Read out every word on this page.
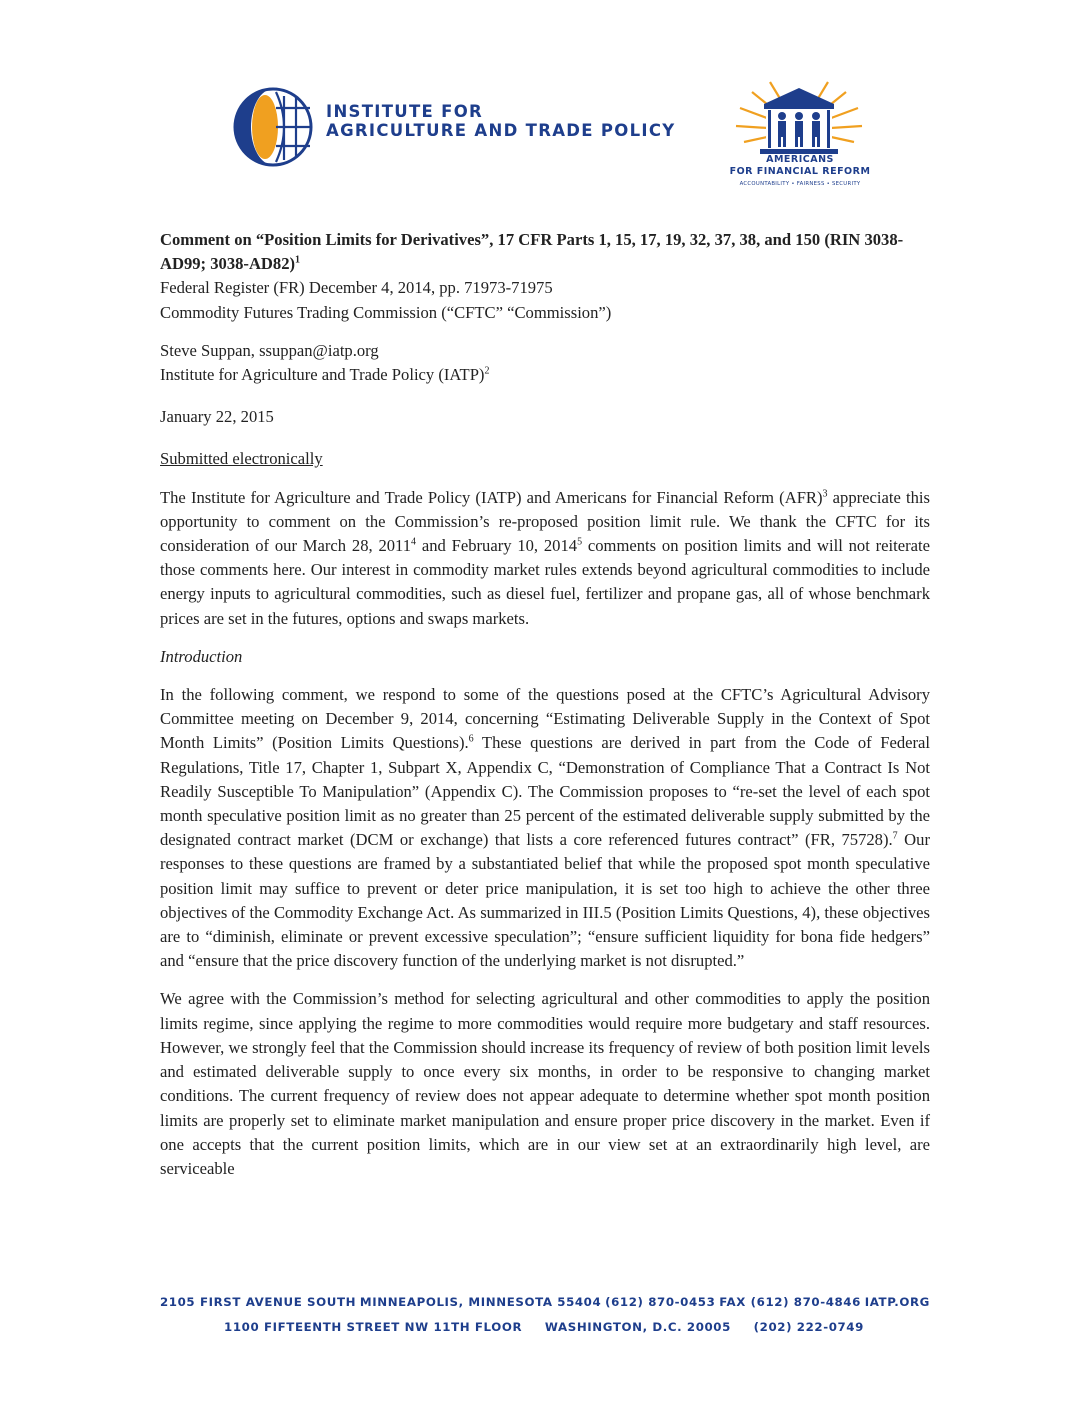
INSTITUTE FOR
AGRICULTURE AND TRADE POLICY
AMERICANS
FOR FINANCIAL REFORM
ACCOUNTABILITY • FAIRNESS • SECURITY

Comment on “Position Limits for Derivatives”, 17 CFR Parts 1, 15, 17, 19, 32, 37, 38, and 150 (RIN 3038-AD99; 3038-AD82)$^1$

Federal Register (FR) December 4, 2014, pp. 71973-71975

Commodity Futures Trading Commission (“CFTC” “Commission”)

Steve Suppan, ssuppan@iatp.org

Institute for Agriculture and Trade Policy (IATP)$^2$

January 22, 2015

Submitted electronically

The Institute for Agriculture and Trade Policy (IATP) and Americans for Financial Reform (AFR)$^3$ appreciate this opportunity to comment on the Commission’s re-proposed position limit rule. We thank the CFTC for its consideration of our March 28, 2011$^4$ and February 10, 2014$^5$ comments on position limits and will not reiterate those comments here. Our interest in commodity market rules extends beyond agricultural commodities to include energy inputs to agricultural commodities, such as diesel fuel, fertilizer and propane gas, all of whose benchmark prices are set in the futures, options and swaps markets.

Introduction

In the following comment, we respond to some of the questions posed at the CFTC’s Agricultural Advisory Committee meeting on December 9, 2014, concerning “Estimating Deliverable Supply in the Context of Spot Month Limits” (Position Limits Questions).$^6$ These questions are derived in part from the Code of Federal Regulations, Title 17, Chapter 1, Subpart X, Appendix C, “Demonstration of Compliance That a Contract Is Not Readily Susceptible To Manipulation” (Appendix C). The Commission proposes to “re-set the level of each spot month speculative position limit as no greater than 25 percent of the estimated deliverable supply submitted by the designated contract market (DCM or exchange) that lists a core referenced futures contract” (FR, 75728).$^7$ Our responses to these questions are framed by a substantiated belief that while the proposed spot month speculative position limit may suffice to prevent or deter price manipulation, it is set too high to achieve the other three objectives of the Commodity Exchange Act. As summarized in III.5 (Position Limits Questions, 4), these objectives are to “diminish, eliminate or prevent excessive speculation”; “ensure sufficient liquidity for bona fide hedgers” and “ensure that the price discovery function of the underlying market is not disrupted.”

We agree with the Commission’s method for selecting agricultural and other commodities to apply the position limits regime, since applying the regime to more commodities would require more budgetary and staff resources. However, we strongly feel that the Commission should increase its frequency of review of both position limit levels and estimated deliverable supply to once every six months, in order to be responsive to changing market conditions. The current frequency of review does not appear adequate to determine whether spot month position limits are properly set to eliminate market manipulation and ensure proper price discovery in the market. Even if one accepts that the current position limits, which are in our view set at an extraordinarily high level, are serviceable

2105 FIRST AVENUE SOUTH MINNEAPOLIS, MINNESOTA 55404 (612) 870-0453 FAX (612) 870-4846 IATP.ORG
1100 FIFTEENTH STREET NW 11TH FLOOR WASHINGTON, D.C. 20005 (202) 222-0749
